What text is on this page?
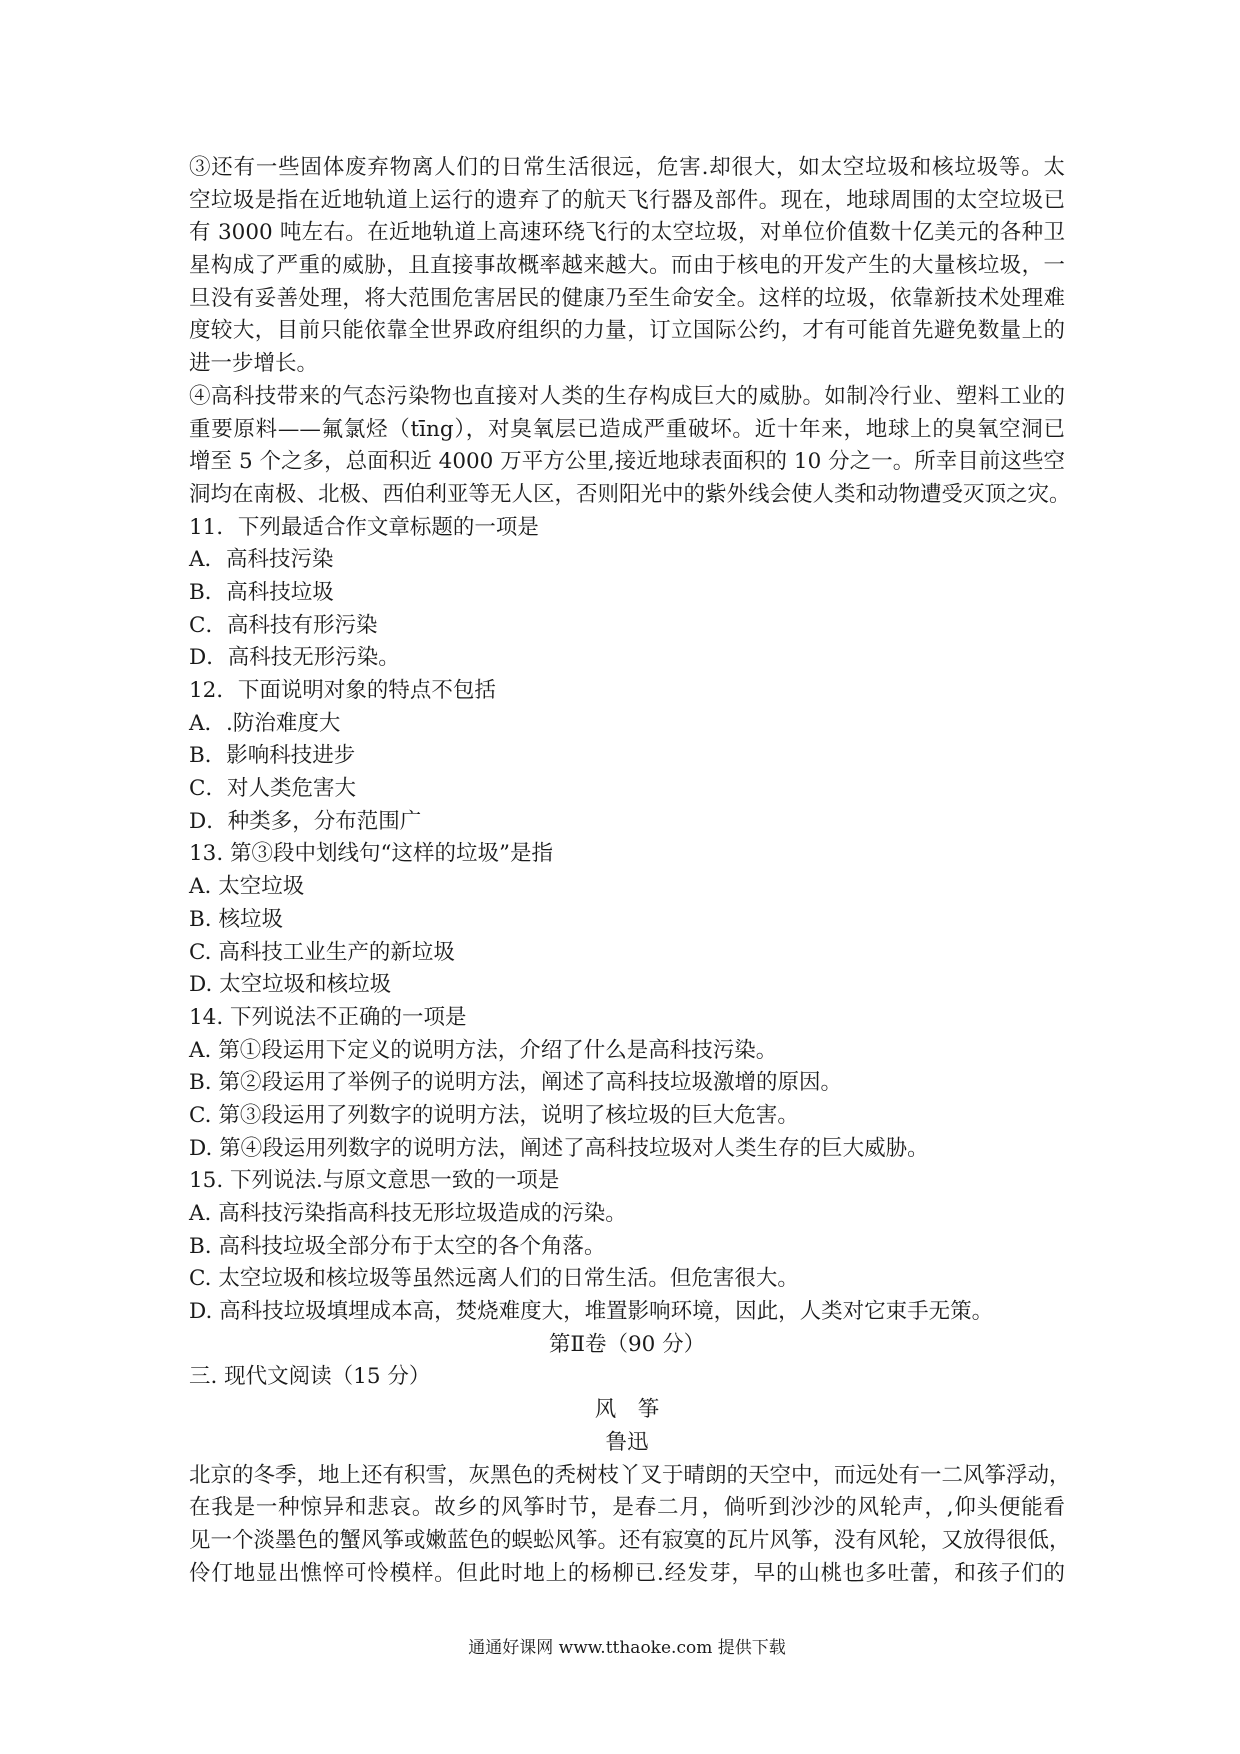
③还有一些固体废弃物离人们的日常生活很远，危害.却很大，如太空垃圾和核垃圾等。太
空垃圾是指在近地轨道上运行的遗弃了的航天飞行器及部件。现在，地球周围的太空垃圾已
有 3000 吨左右。在近地轨道上高速环绕飞行的太空垃圾，对单位价值数十亿美元的各种卫
星构成了严重的威胁，且直接事故概率越来越大。而由于核电的开发产生的大量核垃圾，一
旦没有妥善处理，将大范围危害居民的健康乃至生命安全。这样的垃圾，依靠新技术处理难
度较大，目前只能依靠全世界政府组织的力量，订立国际公约，才有可能首先避免数量上的
进一步增长。
④高科技带来的气态污染物也直接对人类的生存构成巨大的威胁。如制冷行业、塑料工业的
重要原料——氟氯烃（tīng），对臭氧层已造成严重破坏。近十年来，地球上的臭氧空洞已
增至 5 个之多，总面积近 4000 万平方公里,接近地球表面积的 10 分之一。所幸目前这些空
洞均在南极、北极、西伯利亚等无人区，否则阳光中的紫外线会使人类和动物遭受灭顶之灾。
11．下列最适合作文章标题的一项是
A．高科技污染
B．高科技垃圾
C．高科技有形污染
D．高科技无形污染。
12．下面说明对象的特点不包括
A．.防治难度大
B．影响科技进步
C．对人类危害大
D．种类多，分布范围广
13. 第③段中划线句“这样的垃圾”是指
A. 太空垃圾
B. 核垃圾
C. 高科技工业生产的新垃圾
D. 太空垃圾和核垃圾
14. 下列说法不正确的一项是
A. 第①段运用下定义的说明方法，介绍了什么是高科技污染。
B. 第②段运用了举例子的说明方法，阐述了高科技垃圾激增的原因。
C. 第③段运用了列数字的说明方法，说明了核垃圾的巨大危害。
D. 第④段运用列数字的说明方法，阐述了高科技垃圾对人类生存的巨大威胁。
15. 下列说法.与原文意思一致的一项是
A. 高科技污染指高科技无形垃圾造成的污染。
B. 高科技垃圾全部分布于太空的各个角落。
C. 太空垃圾和核垃圾等虽然远离人们的日常生活。但危害很大。
D. 高科技垃圾填埋成本高，焚烧难度大，堆置影响环境，因此，人类对它束手无策。
第Ⅱ卷（90 分）
三. 现代文阅读（15 分）
风　筝
鲁迅
北京的冬季，地上还有积雪，灰黑色的秃树枝丫叉于晴朗的天空中，而远处有一二风筝浮动，
在我是一种惊异和悲哀。故乡的风筝时节，是春二月，倘听到沙沙的风轮声，,仰头便能看
见一个淡墨色的蟹风筝或嫩蓝色的蜈蚣风筝。还有寂寞的瓦片风筝，没有风轮，又放得很低，
伶仃地显出憔悴可怜模样。但此时地上的杨柳已.经发芽，早的山桃也多吐蕾，和孩子们的
通通好课网 www.tthaoke.com 提供下载
